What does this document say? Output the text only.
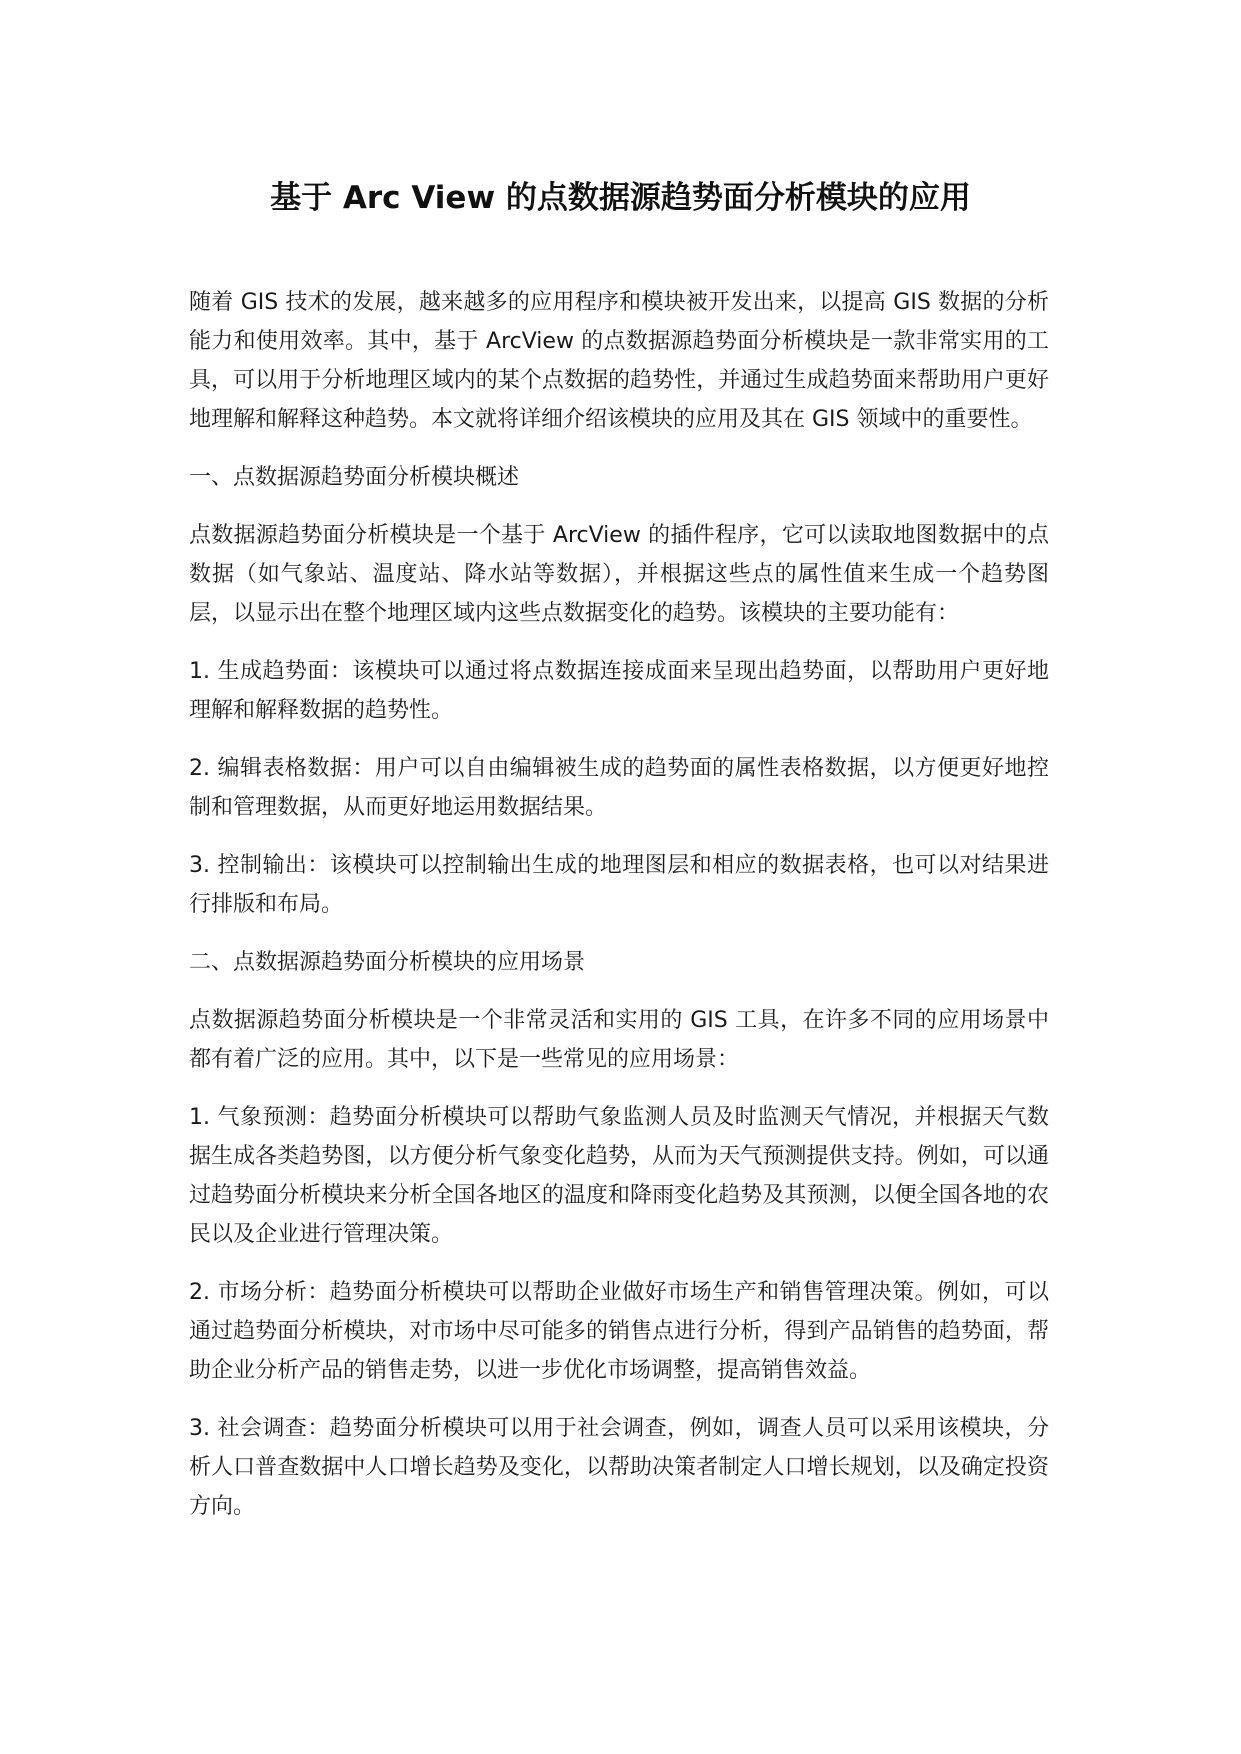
基于 Arc View 的点数据源趋势面分析模块的应用

随着 GIS 技术的发展，越来越多的应用程序和模块被开发出来，以提高 GIS 数据的分析能力和使用效率。其中，基于 ArcView 的点数据源趋势面分析模块是一款非常实用的工具，可以用于分析地理区域内的某个点数据的趋势性，并通过生成趋势面来帮助用户更好地理解和解释这种趋势。本文就将详细介绍该模块的应用及其在 GIS 领域中的重要性。

一、点数据源趋势面分析模块概述

点数据源趋势面分析模块是一个基于 ArcView 的插件程序，它可以读取地图数据中的点数据（如气象站、温度站、降水站等数据），并根据这些点的属性值来生成一个趋势图层，以显示出在整个地理区域内这些点数据变化的趋势。该模块的主要功能有：

1. 生成趋势面：该模块可以通过将点数据连接成面来呈现出趋势面，以帮助用户更好地理解和解释数据的趋势性。

2. 编辑表格数据：用户可以自由编辑被生成的趋势面的属性表格数据，以方便更好地控制和管理数据，从而更好地运用数据结果。

3. 控制输出：该模块可以控制输出生成的地理图层和相应的数据表格，也可以对结果进行排版和布局。

二、点数据源趋势面分析模块的应用场景

点数据源趋势面分析模块是一个非常灵活和实用的 GIS 工具，在许多不同的应用场景中都有着广泛的应用。其中，以下是一些常见的应用场景：

1. 气象预测：趋势面分析模块可以帮助气象监测人员及时监测天气情况，并根据天气数据生成各类趋势图，以方便分析气象变化趋势，从而为天气预测提供支持。例如，可以通过趋势面分析模块来分析全国各地区的温度和降雨变化趋势及其预测，以便全国各地的农民以及企业进行管理决策。

2. 市场分析：趋势面分析模块可以帮助企业做好市场生产和销售管理决策。例如，可以通过趋势面分析模块，对市场中尽可能多的销售点进行分析，得到产品销售的趋势面，帮助企业分析产品的销售走势，以进一步优化市场调整，提高销售效益。

3. 社会调查：趋势面分析模块可以用于社会调查，例如，调查人员可以采用该模块，分析人口普查数据中人口增长趋势及变化，以帮助决策者制定人口增长规划，以及确定投资方向。
